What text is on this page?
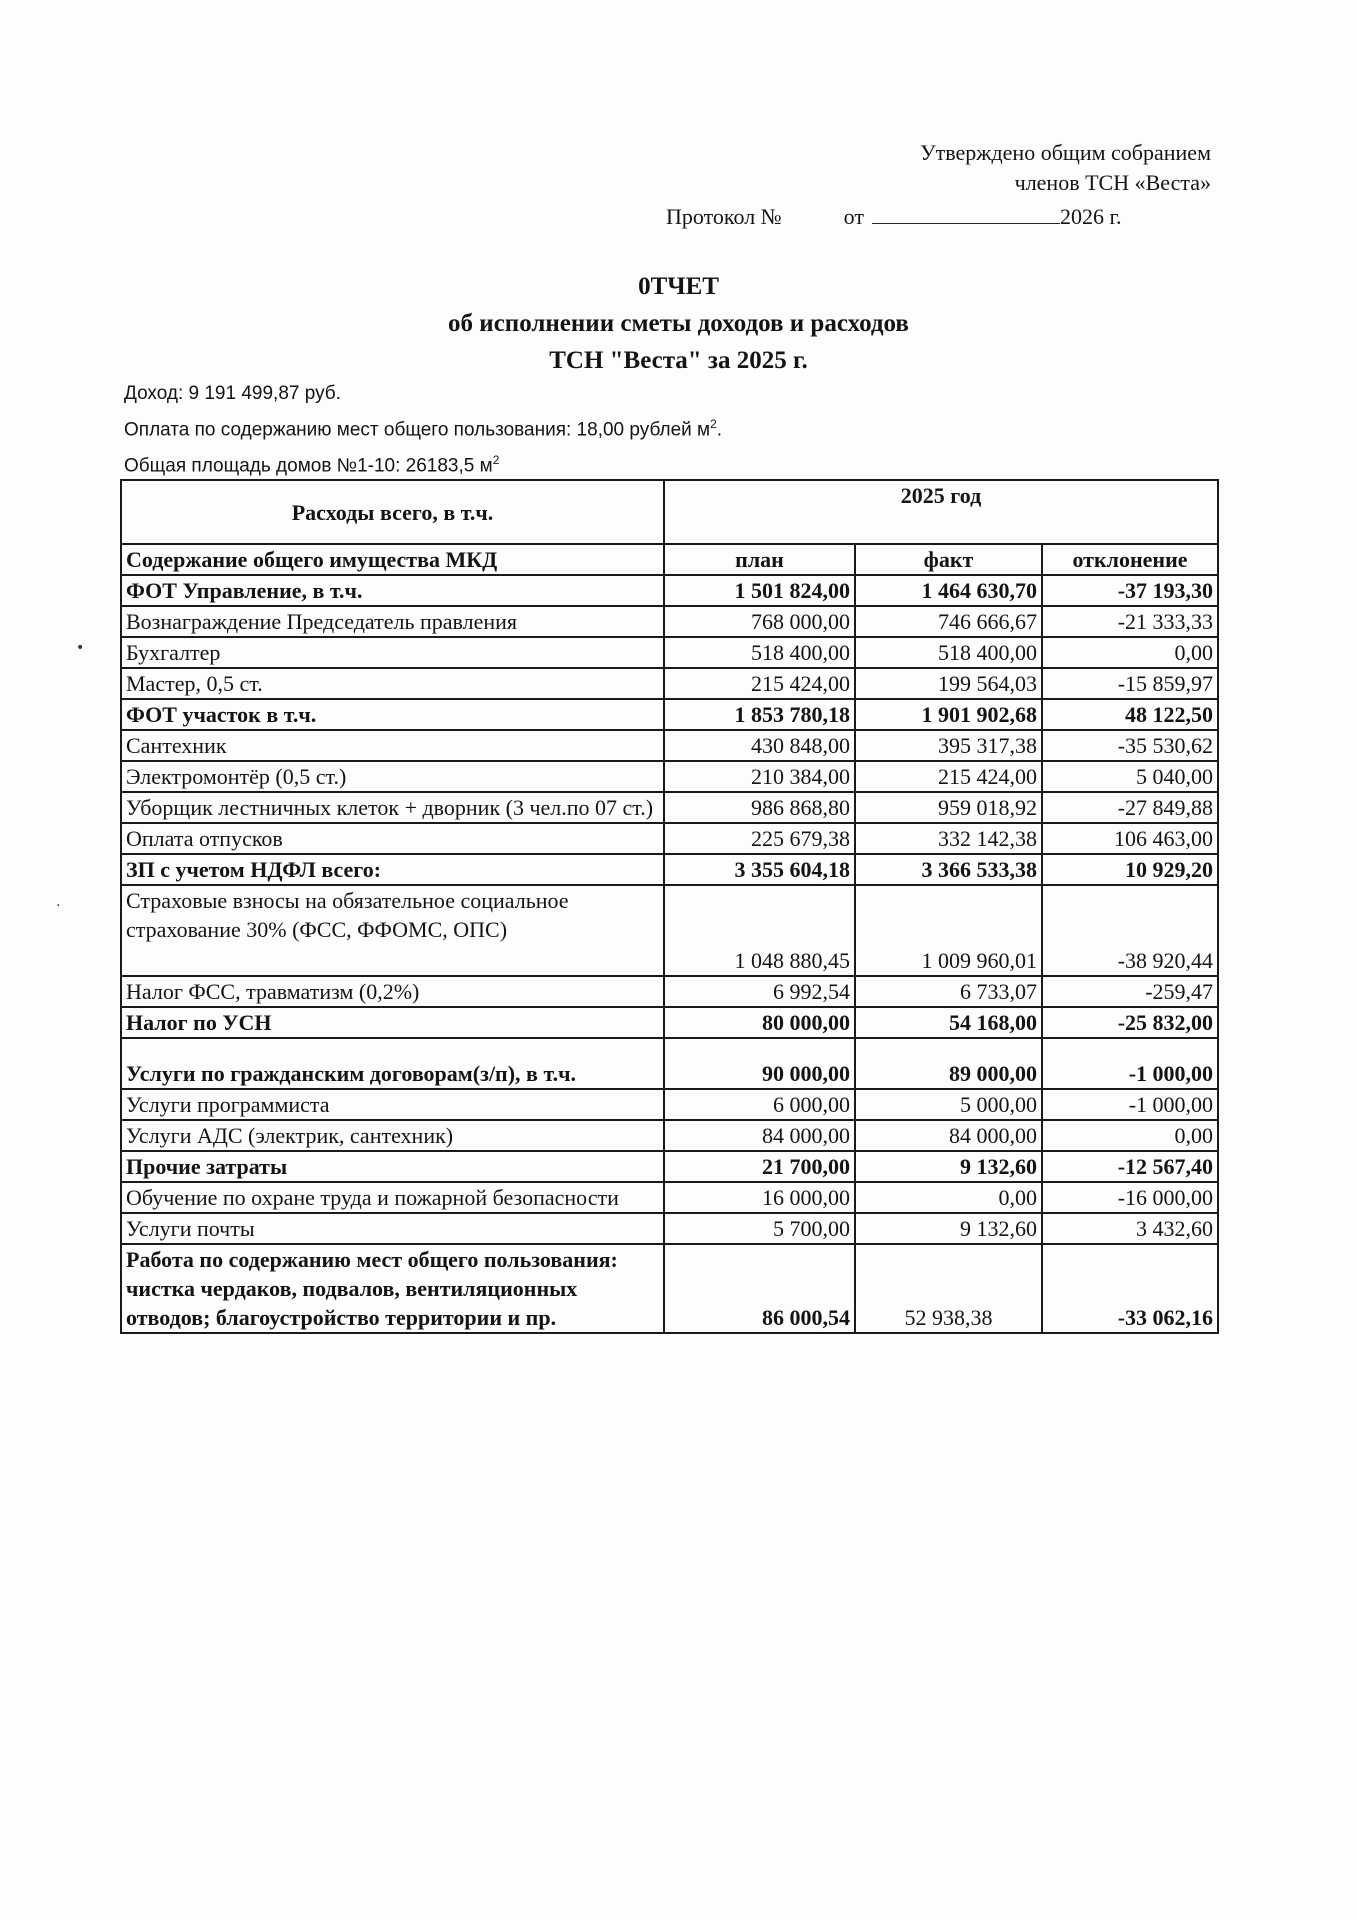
Утверждено общим собранием
членов ТСН «Веста»
Протокол №	от	2026 г.
0ТЧЕТ
об исполнении сметы доходов и расходов
ТСН "Веста" за 2025 г.
Доход: 9 191 499,87 руб.
Оплата по содержанию мест общего пользования: 18,00 рублей $м^2$.
Общая площадь домов №1-10: 26183,5 $м^2$
Расходы всего, в т.ч.	2025 год		
Содержание общего имущества МКД	план	факт	отклонение
ФОТ Управление, в т.ч.	1 501 824,00	1 464 630,70	-37 193,30
Вознаграждение Председатель правления	768 000,00	746 666,67	-21 333,33
Бухгалтер	518 400,00	518 400,00	0,00
Мастер, 0,5 ст.	215 424,00	199 564,03	-15 859,97
ФОТ участок в т.ч.	1 853 780,18	1 901 902,68	48 122,50
Сантехник	430 848,00	395 317,38	-35 530,62
Электромонтёр (0,5 ст.)	210 384,00	215 424,00	5 040,00
Уборщик лестничных клеток + дворник (3 чел.по 07 ст.)	986 868,80	959 018,92	-27 849,88
Оплата отпусков	225 679,38	332 142,38	106 463,00
ЗП с учетом НДФЛ всего:	3 355 604,18	3 366 533,38	10 929,20
Страховые взносы на обязательное социальное страхование 30% (ФСС, ФФОМС, ОПС)	1 048 880,45	1 009 960,01	-38 920,44
Налог ФСС, травматизм (0,2%)	6 992,54	6 733,07	-259,47
Налог по УСН	80 000,00	54 168,00	-25 832,00
Услуги по гражданским договорам(з/п), в т.ч.	90 000,00	89 000,00	-1 000,00
Услуги программиста	6 000,00	5 000,00	-1 000,00
Услуги АДС (электрик, сантехник)	84 000,00	84 000,00	0,00
Прочие затраты	21 700,00	9 132,60	-12 567,40
Обучение по охране труда и пожарной безопасности	16 000,00	0,00	-16 000,00
Услуги почты	5 700,00	9 132,60	3 432,60
Работа по содержанию мест общего пользования: чистка чердаков, подвалов, вентиляционных отводов; благоустройство территории и пр.	86 000,54	52 938,38	-33 062,16
•
·
